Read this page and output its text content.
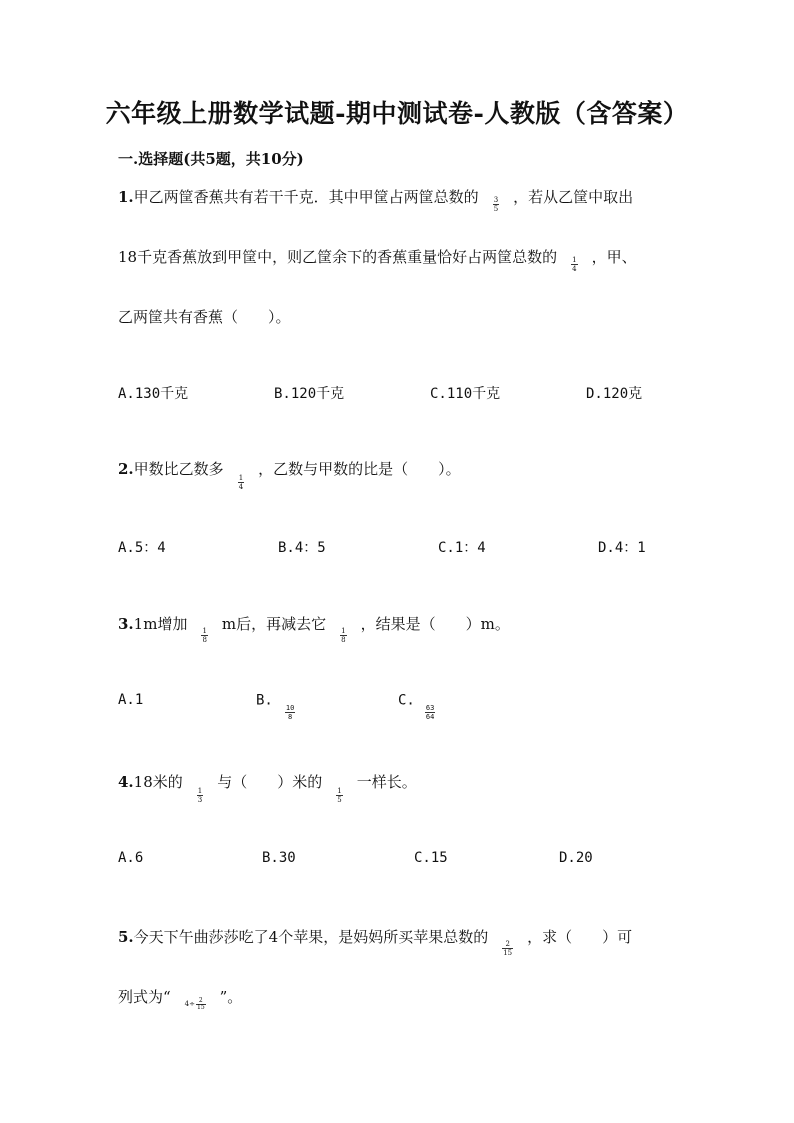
六年级上册数学试题-期中测试卷-人教版（含答案）
一.选择题(共5题，共10分)
1.甲乙两筐香蕉共有若干千克．其中甲筐占两筐总数的 $\frac{3}{5}$ ，若从乙筐中取出
18千克香蕉放到甲筐中，则乙筐余下的香蕉重量恰好占两筐总数的 $\frac{1}{4}$ ，甲、
乙两筐共有香蕉（　　）。
A.130千克	B.120千克	C.110千克	D.120克
2.甲数比乙数多
$\frac{1}{4}$
，乙数与甲数的比是（　　）。
A.5：4	B.4：5	C.1：4	D.4：1
3.1m增加
$\frac{1}{8}$
m后，再减去它
$\frac{1}{8}$
，结果是（　　）m。
A.1	B.
$\frac{10}{8}$
C.
$\frac{63}{64}$
4.18米的
$\frac{1}{3}$
与（　　）米的
$\frac{1}{5}$
一样长。
A.6	B.30	C.15	D.20
5.今天下午曲莎莎吃了4个苹果，是妈妈所买苹果总数的
$\frac{2}{15}$
，求（　　）可
列式为“ $4\div \frac{2}{15}$ ”。
